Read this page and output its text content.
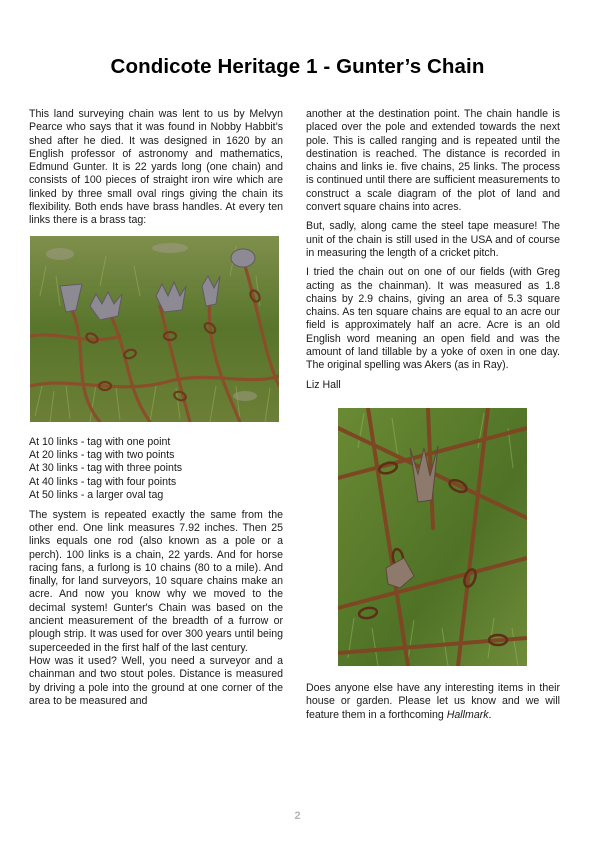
Condicote Heritage 1 - Gunter’s Chain

This land surveying chain was lent to us by Melvyn Pearce who says that it was found in Nobby Habbit’s shed after he died. It was designed in 1620 by an English professor of astronomy and mathematics, Edmund Gunter. It is 22 yards long (one chain) and consists of 100 pieces of straight iron wire which are linked by three small oval rings giving the chain its flexibility. Both ends have brass handles. At every ten links there is a brass tag:

At 10 links - tag with one point
At 20 links - tag with two points
At 30 links - tag with three points
At 40 links - tag with four points
At 50 links - a larger oval tag

The system is repeated exactly the same from the other end. One link measures 7.92 inches. Then 25 links equals one rod (also known as a pole or a perch). 100 links is a chain, 22 yards. And for horse racing fans, a furlong is 10 chains (80 to a mile). And finally, for land surveyors, 10 square chains make an acre. And now you know why we moved to the decimal system! Gunter's Chain was based on the ancient measurement of the breadth of a furrow or plough strip. It was used for over 300 years until being superceeded in the first half of the last century.

How was it used? Well, you need a surveyor and a chainman and two stout poles. Distance is measured by driving a pole into the ground at one corner of the area to be measured and

another at the destination point. The chain handle is placed over the pole and extended towards the next pole. This is called ranging and is repeated until the destination is reached. The distance is recorded in chains and links ie. five chains, 25 links. The process is continued until there are sufficient measurements to construct a scale diagram of the plot of land and convert square chains into acres.

But, sadly, along came the steel tape measure! The unit of the chain is still used in the USA and of course in measuring the length of a cricket pitch.

I tried the chain out on one of our fields (with Greg acting as the chainman). It was measured as 1.8 chains by 2.9 chains, giving an area of 5.3 square chains. As ten square chains are equal to an acre our field is approximately half an acre. Acre is an old English word meaning an open field and was the amount of land tillable by a yoke of oxen in one day. The original spelling was Akers (as in Ray).

Liz Hall

Does anyone else have any interesting items in their house or garden. Please let us know and we will feature them in a forthcoming Hallmark.

2
